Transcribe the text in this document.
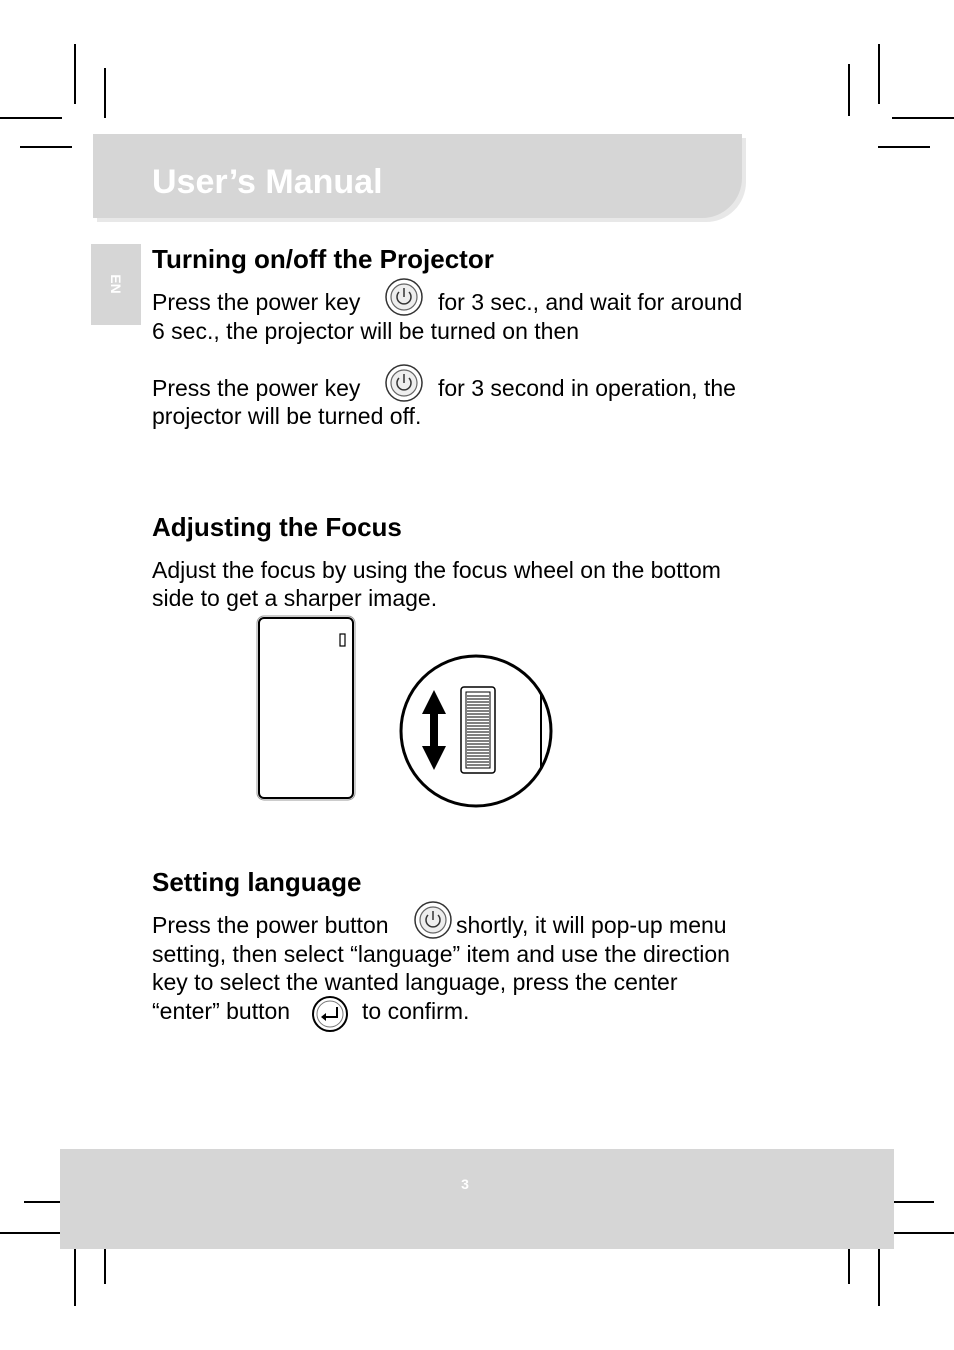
User’s Manual
EN
Turning on/off the Projector
Press the power key	for 3 sec., and wait for around
6 sec., the projector will be turned on then
Press the power key	for 3 second in operation, the
projector will be turned off.
Adjusting the Focus
Adjust the focus by using the focus wheel on the bottom
side to get a sharper image.
Setting language
Press the power button	shortly, it will pop-up menu
setting, then select “language” item and use the direction
key to select the wanted language, press the center
“enter” button	to confirm.
3
